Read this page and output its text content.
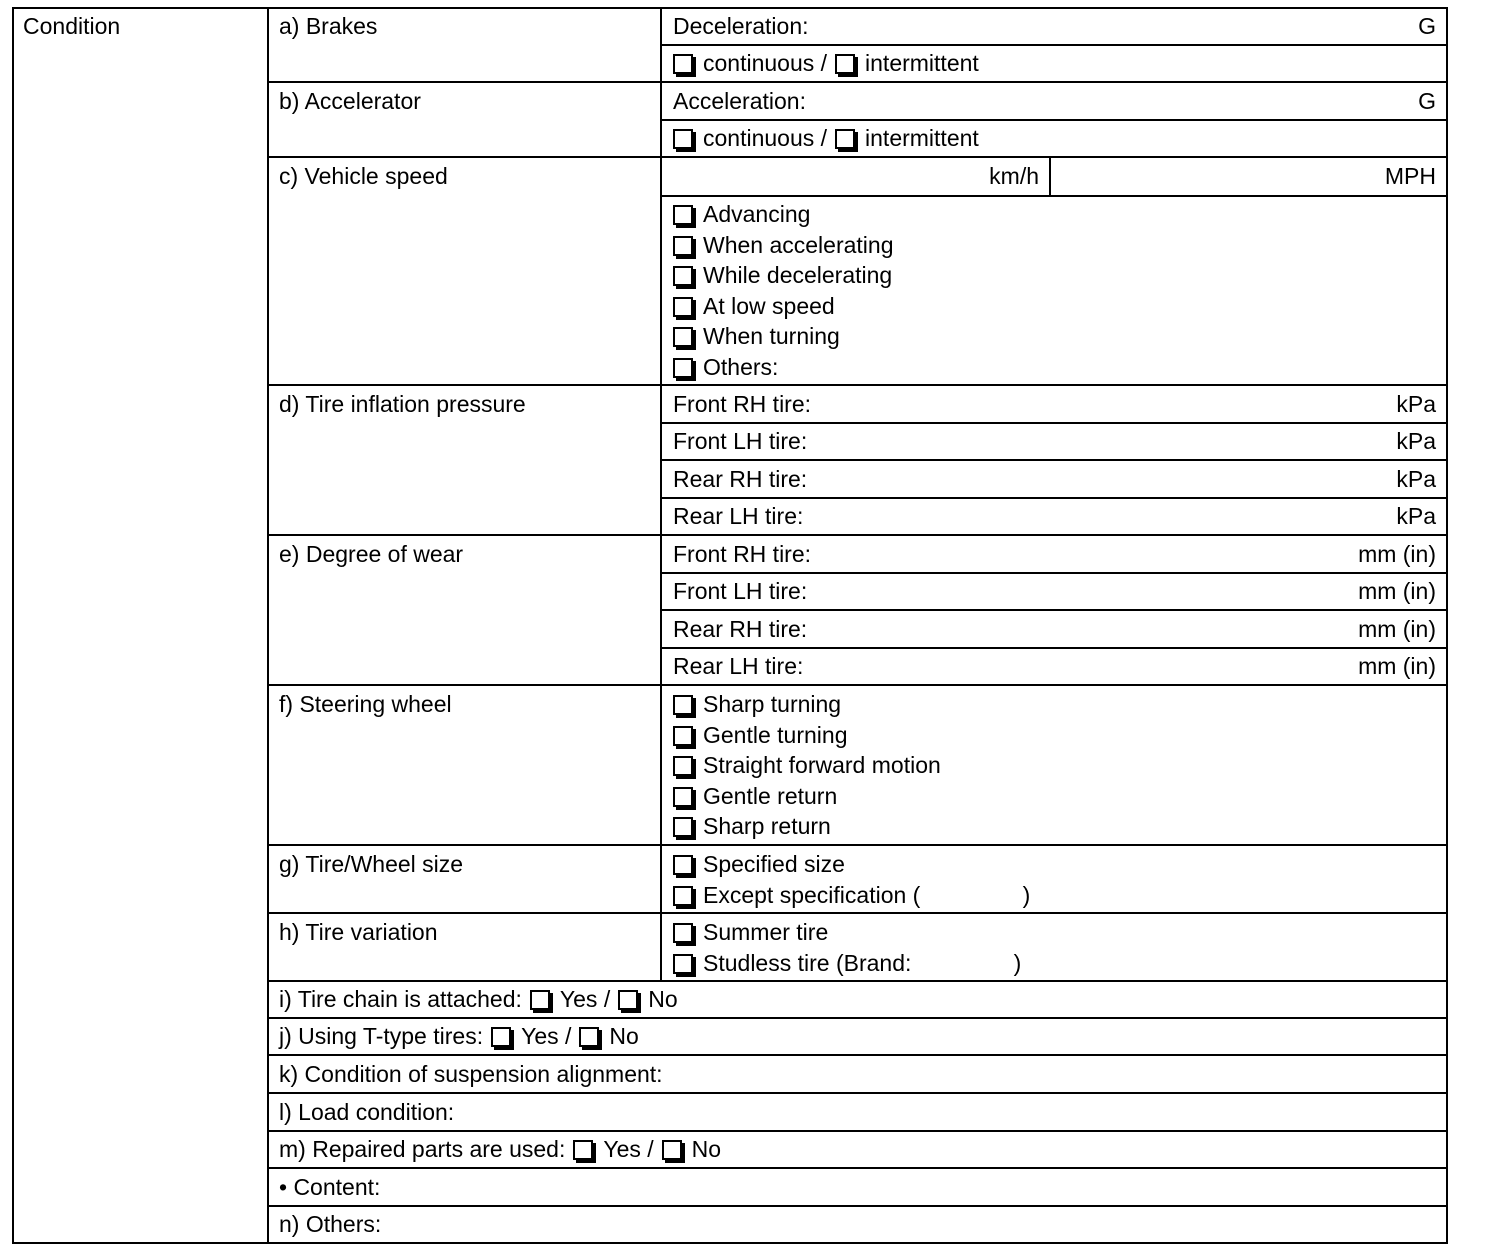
Condition	a) Brakes	Deceleration:	G
continuous / intermittent
b) Accelerator	Acceleration:	G
continuous / intermittent
c) Vehicle speed	km/h	MPH
Advancing
When accelerating
While decelerating
At low speed
When turning
Others:
d) Tire inflation pressure	Front RH tire:	kPa
Front LH tire:	kPa
Rear RH tire:	kPa
Rear LH tire:	kPa
e) Degree of wear	Front RH tire:	mm (in)
Front LH tire:	mm (in)
Rear RH tire:	mm (in)
Rear LH tire:	mm (in)
f) Steering wheel	Sharp turning
Gentle turning
Straight forward motion
Gentle return
Sharp return
g) Tire/Wheel size	Specified size
Except specification (                )
h) Tire variation	Summer tire
Studless tire (Brand:                )
i) Tire chain is attached: Yes / No
j) Using T-type tires: Yes / No
k) Condition of suspension alignment:
l) Load condition:
m) Repaired parts are used: Yes / No
• Content:
n) Others:
